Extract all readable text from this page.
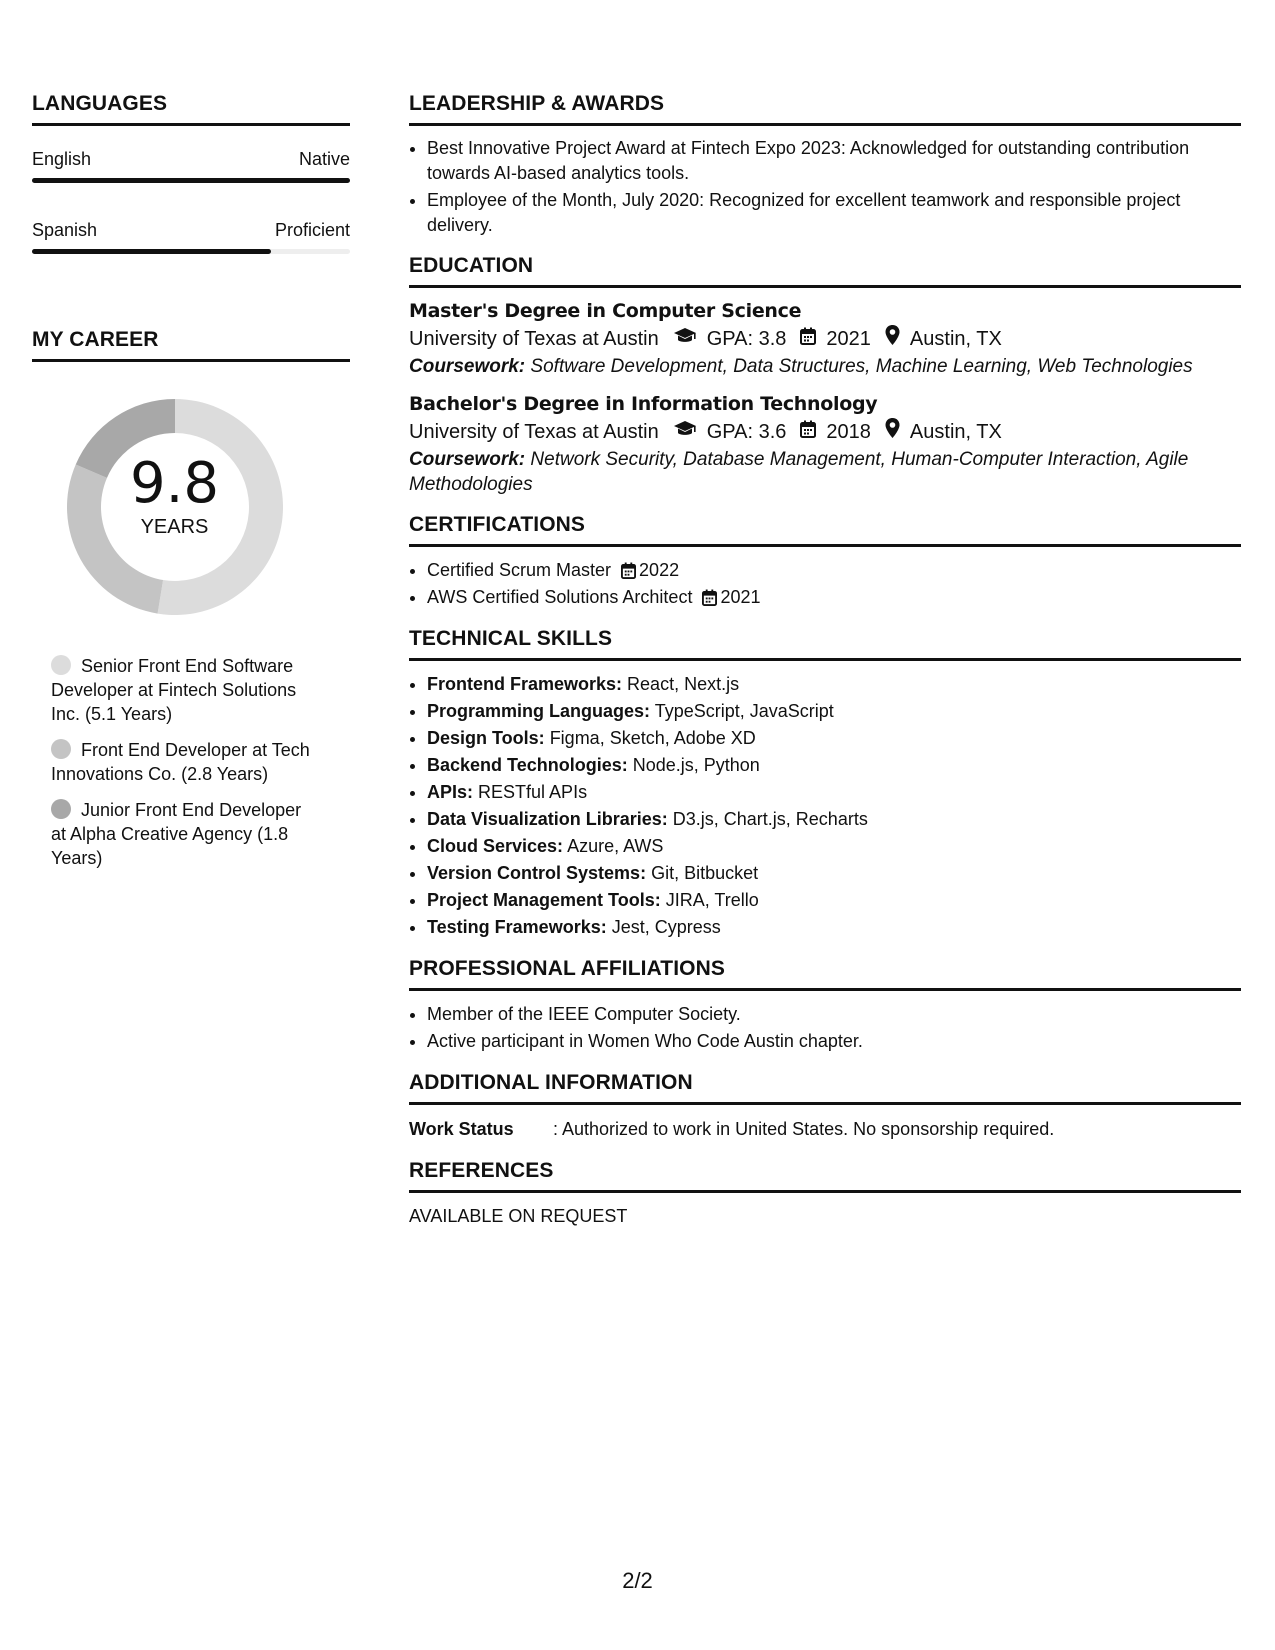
LANGUAGES
English	Native
Spanish	Proficient
MY CAREER
9.8
YEARS
Senior Front End Software Developer at Fintech Solutions Inc. (5.1 Years)
Front End Developer at Tech Innovations Co. (2.8 Years)
Junior Front End Developer at Alpha Creative Agency (1.8 Years)
LEADERSHIP & AWARDS
• Best Innovative Project Award at Fintech Expo 2023: Acknowledged for outstanding contribution towards AI-based analytics tools.
• Employee of the Month, July 2020: Recognized for excellent teamwork and responsible project delivery.
EDUCATION
Master's Degree in Computer Science
University of Texas at Austin GPA: 3.8 2021 Austin, TX
Coursework: Software Development, Data Structures, Machine Learning, Web Technologies
Bachelor's Degree in Information Technology
University of Texas at Austin GPA: 3.6 2018 Austin, TX
Coursework: Network Security, Database Management, Human-Computer Interaction, Agile Methodologies
CERTIFICATIONS
• Certified Scrum Master 2022
• AWS Certified Solutions Architect 2021
TECHNICAL SKILLS
• Frontend Frameworks: React, Next.js
• Programming Languages: TypeScript, JavaScript
• Design Tools: Figma, Sketch, Adobe XD
• Backend Technologies: Node.js, Python
• APIs: RESTful APIs
• Data Visualization Libraries: D3.js, Chart.js, Recharts
• Cloud Services: Azure, AWS
• Version Control Systems: Git, Bitbucket
• Project Management Tools: JIRA, Trello
• Testing Frameworks: Jest, Cypress
PROFESSIONAL AFFILIATIONS
• Member of the IEEE Computer Society.
• Active participant in Women Who Code Austin chapter.
ADDITIONAL INFORMATION
Work Status	: Authorized to work in United States. No sponsorship required.
REFERENCES
AVAILABLE ON REQUEST
2/2
